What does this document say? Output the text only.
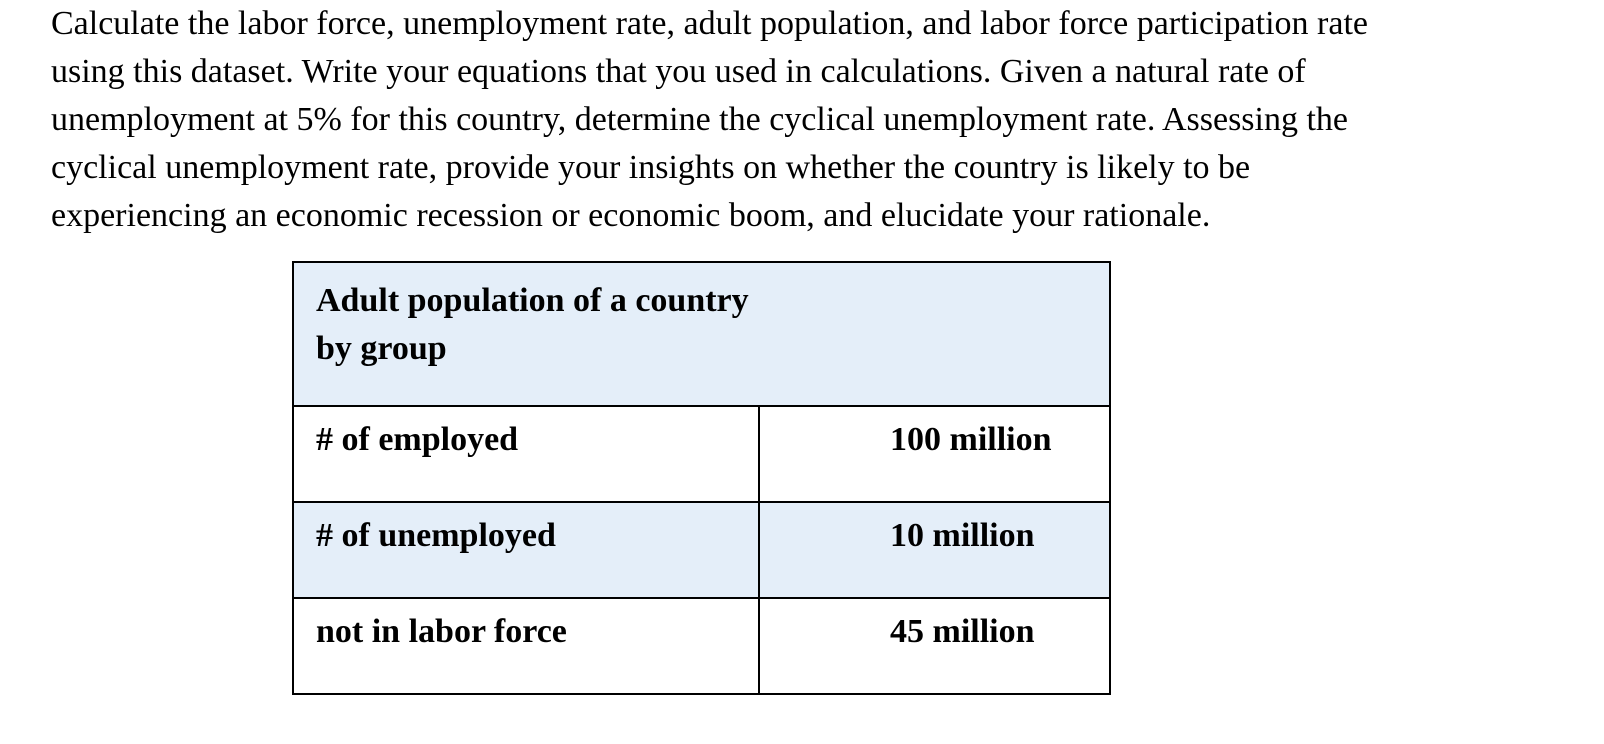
Calculate the labor force, unemployment rate, adult population, and labor force participation rate
using this dataset. Write your equations that you used in calculations. Given a natural rate of
unemployment at 5% for this country, determine the cyclical unemployment rate. Assessing the
cyclical unemployment rate, provide your insights on whether the country is likely to be
experiencing an economic recession or economic boom, and elucidate your rationale.
Adult population of a country
by group	

# of employed	100 million

# of unemployed	10 million

not in labor force	45 million
